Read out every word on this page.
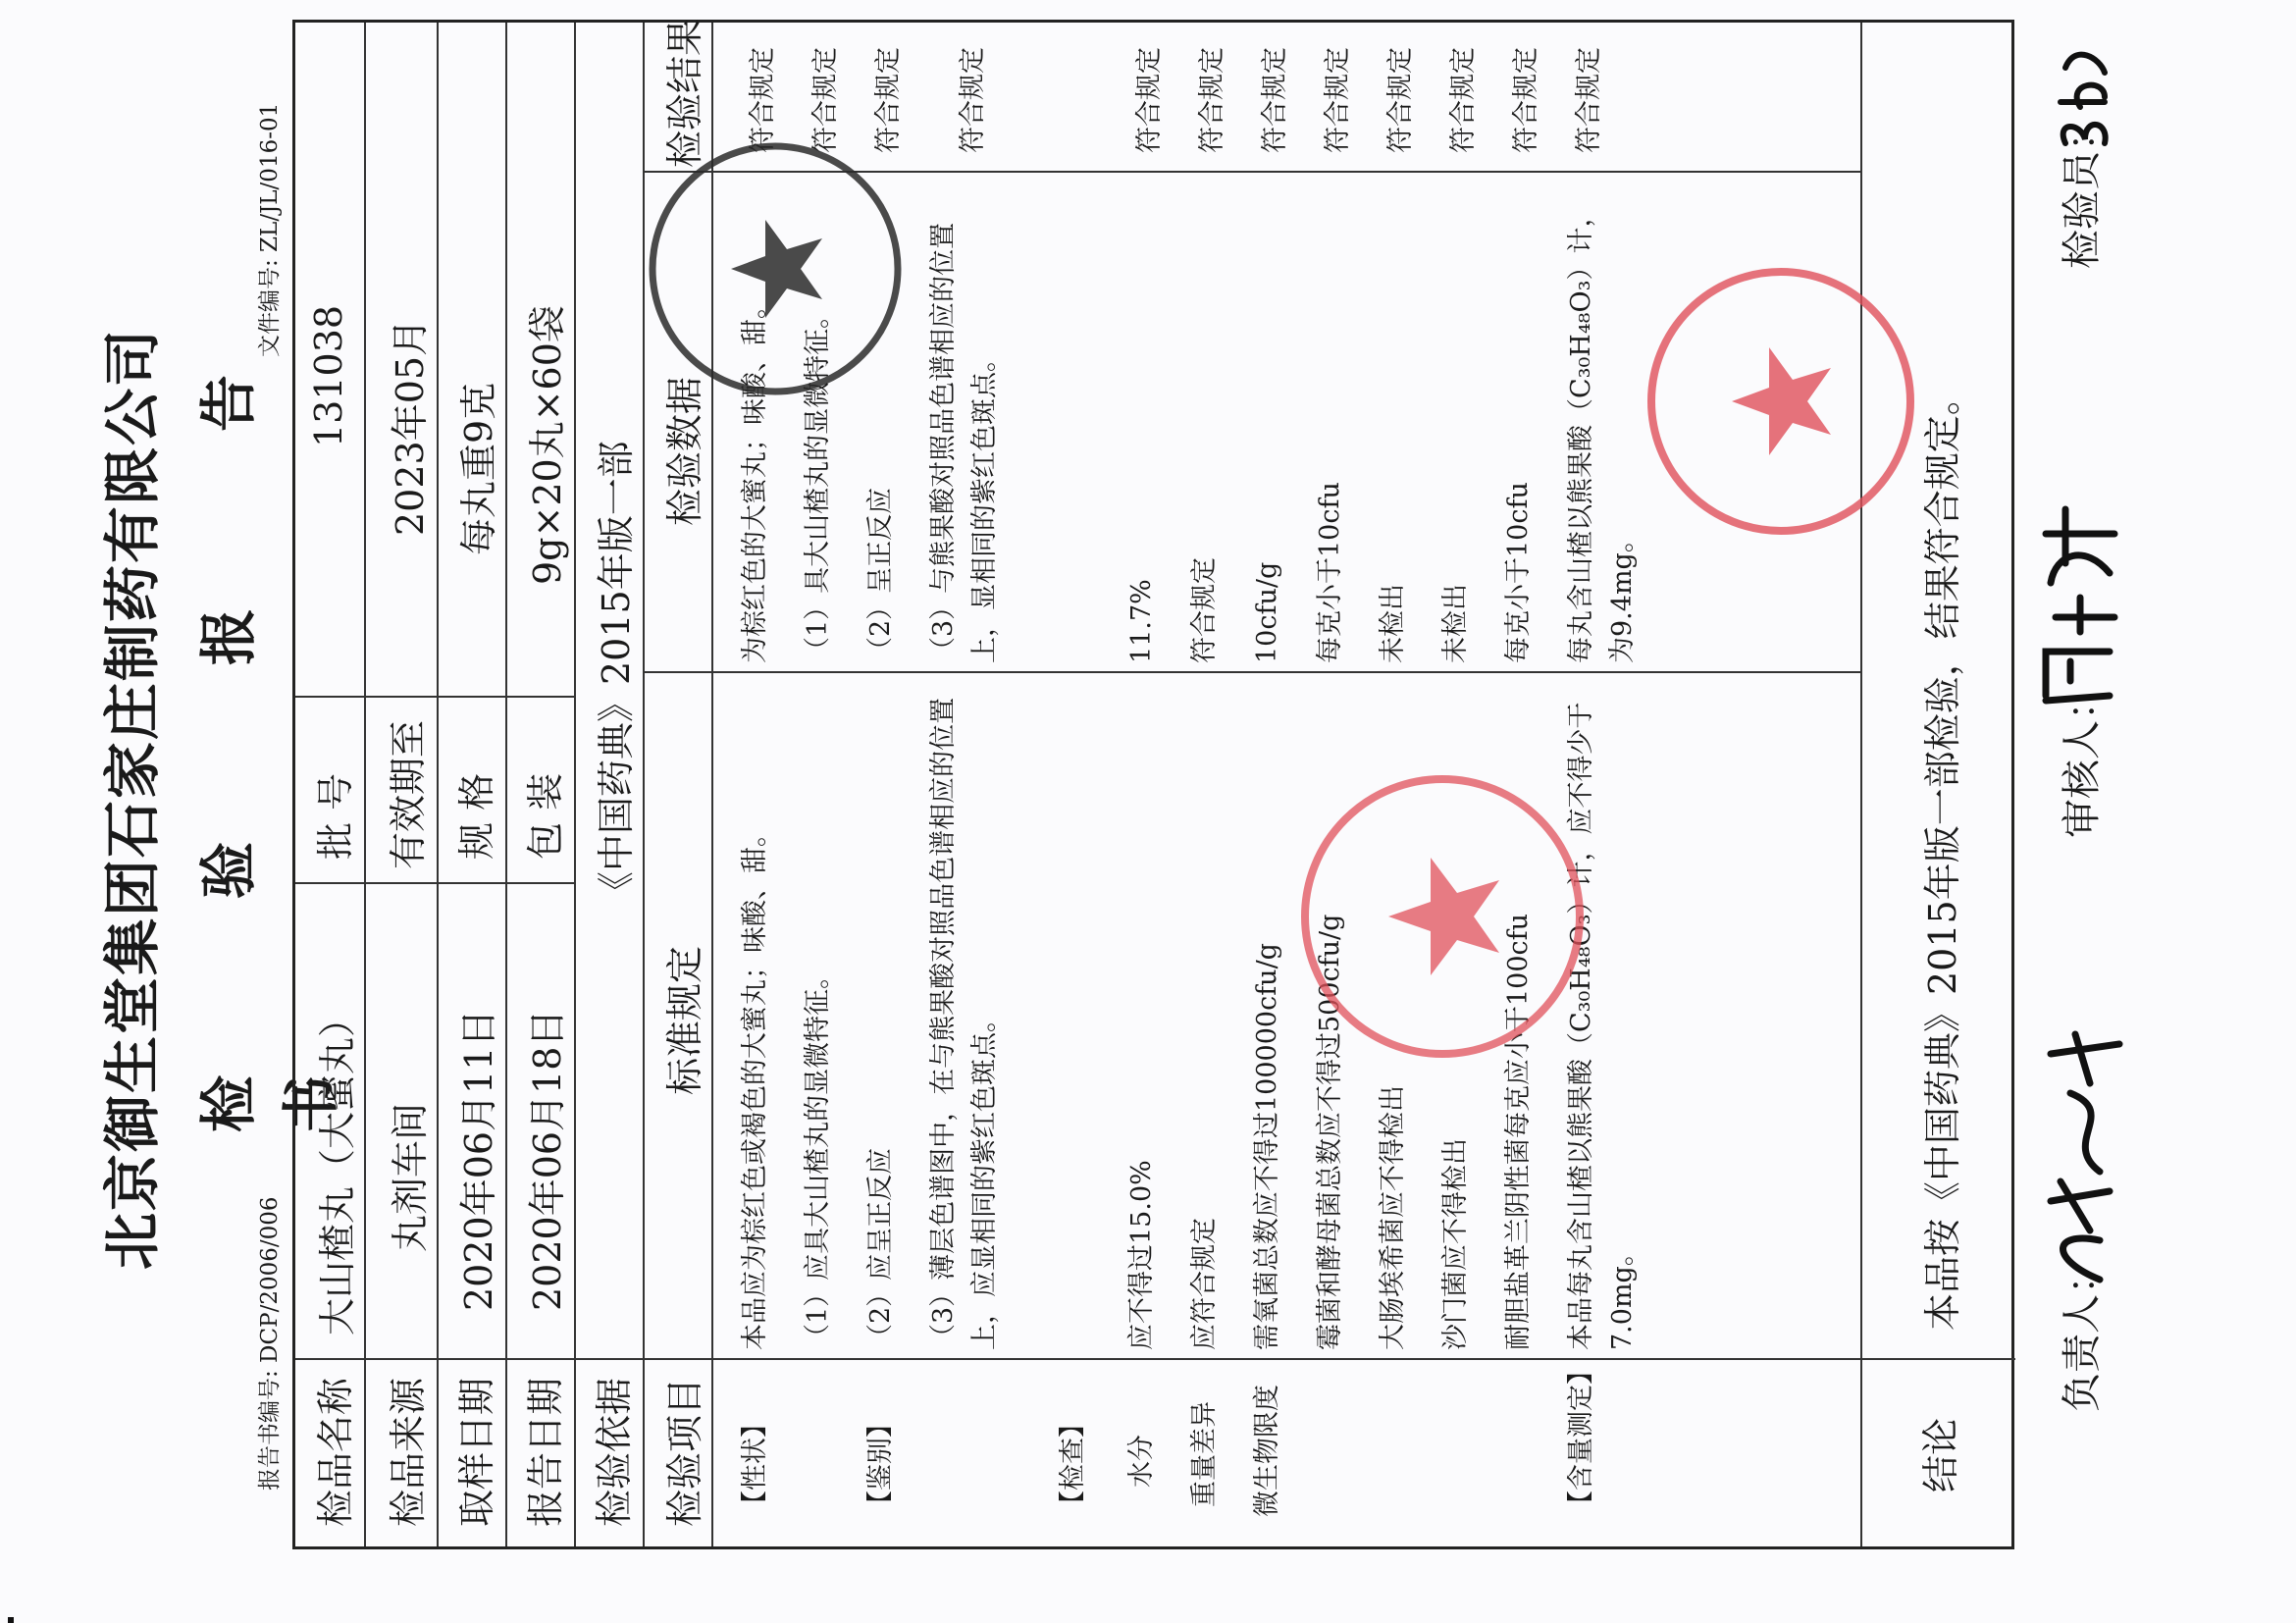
北京御生堂集团石家庄制药有限公司 检验报告书
报告书编号: DCP/2006/006
文件编号: ZL/JL/016-01
检品名称
大山楂丸（大蜜丸）
批 号
131038
检品来源
丸剂车间
有效期至
2023年05月
取样日期
2020年06月11日
规 格
每丸重9克
报告日期
2020年06月18日
包 装
9g×20丸×60袋
检验依据
《中国药典》2015年版一部
检验项目
标准规定
检验数据
检验结果
【性状】
本品应为棕红色或褐色的大蜜丸；味酸、甜。
为棕红色的大蜜丸；味酸、甜。
符合规定
（1）应具大山楂丸的显微特征。
（1）具大山楂丸的显微特征。
符合规定
【鉴别】
（2）应呈正反应
（2）呈正反应
符合规定
（3）薄层色谱图中，在与熊果酸对照品色谱相应的位置上，应显相同的紫红色斑点。
（3）与熊果酸对照品色谱相应的位置上，显相同的紫红色斑点。
符合规定
【检查】 水分
应不得过15.0%
11.7%
符合规定
重量差异
应符合规定
符合规定
符合规定
微生物限度
需氧菌总数应不得过100000cfu/g
10cfu/g
符合规定
霉菌和酵母菌总数应不得过500cfu/g
每克小于10cfu
符合规定
大肠埃希菌应不得检出
未检出
符合规定
沙门菌应不得检出
未检出
符合规定
耐胆盐革兰阴性菌每克应小于100cfu
每克小于10cfu
符合规定
【含量测定】
本品每丸含山楂以熊果酸（C₃₀H₄₈O₃）计，应不得少于7.0mg。
每丸含山楂以熊果酸（C₃₀H₄₈O₃）计，为9.4mg。
符合规定
结论
本品按《中国药典》2015年版一部检验，结果符合规定。
负责人：
审核人：
检验员：
